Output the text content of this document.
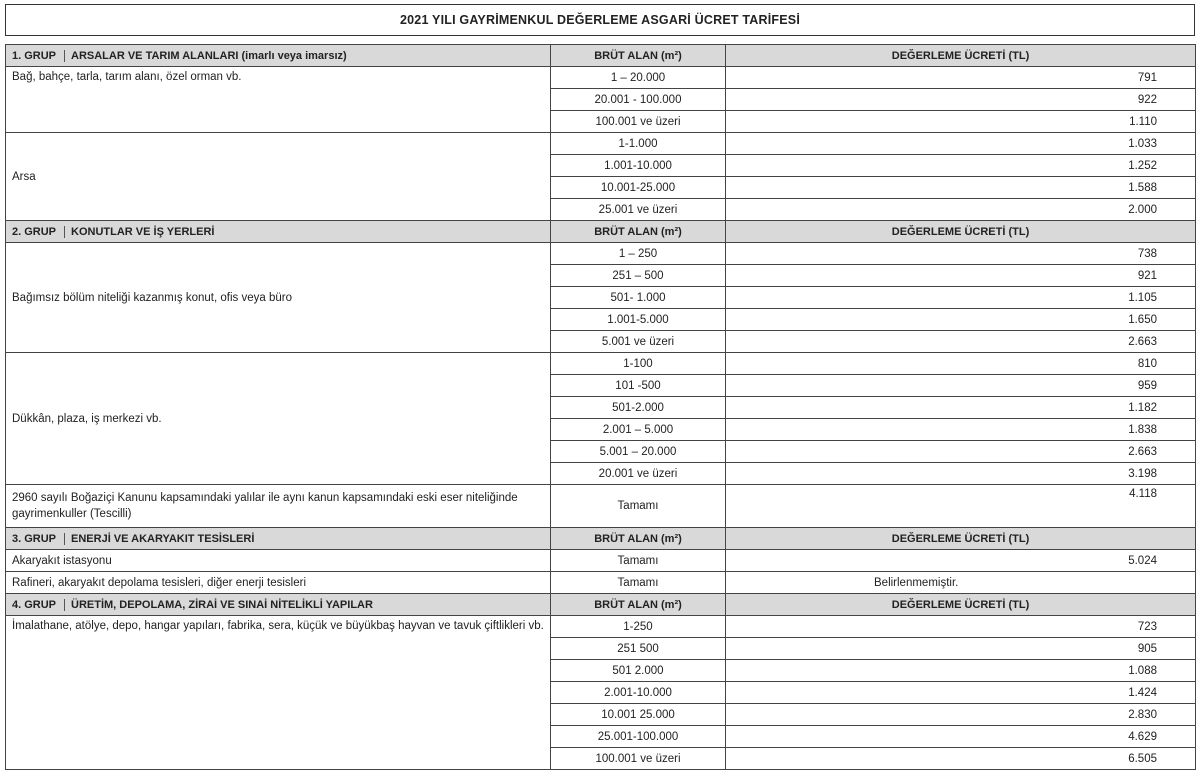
2021 YILI GAYRİMENKUL DEĞERLEME ASGARİ ÜCRET TARİFESİ
1. GRUP ARSALAR VE TARIM ALANLARI (imarlı veya imarsız)	BRÜT ALAN (m²)	DEĞERLEME ÜCRETİ (TL)
Bağ, bahçe, tarla, tarım alanı, özel orman vb.	1 – 20.000	791
	20.001 - 100.000	922
	100.001 ve üzeri	1.110
Arsa	1-1.000	1.033
	1.001-10.000	1.252
	10.001-25.000	1.588
	25.001 ve üzeri	2.000
2. GRUP KONUTLAR VE İŞ YERLERİ	BRÜT ALAN (m²)	DEĞERLEME ÜCRETİ (TL)
Bağımsız bölüm niteliği kazanmış konut, ofis veya büro	1 – 250	738
	251 – 500	921
	501- 1.000	1.105
	1.001-5.000	1.650
	5.001 ve üzeri	2.663
Dükkân, plaza, iş merkezi vb.	1-100	810
	101 -500	959
	501-2.000	1.182
	2.001 – 5.000	1.838
	5.001 – 20.000	2.663
	20.001 ve üzeri	3.198
2960 sayılı Boğaziçi Kanunu kapsamındaki yalılar ile aynı kanun kapsamındaki eski eser niteliğinde gayrimenkuller (Tescilli)	Tamamı	4.118
3. GRUP ENERJİ VE AKARYAKIT TESİSLERİ	BRÜT ALAN (m²)	DEĞERLEME ÜCRETİ (TL)
Akaryakıt istasyonu	Tamamı	5.024
Rafineri, akaryakıt depolama tesisleri, diğer enerji tesisleri	Tamamı	Belirlenmemiştir.
4. GRUP ÜRETİM, DEPOLAMA, ZİRAİ VE SINAİ NİTELİKLİ YAPILAR	BRÜT ALAN (m²)	DEĞERLEME ÜCRETİ (TL)
İmalathane, atölye, depo, hangar yapıları, fabrika, sera, küçük ve büyükbaş hayvan ve tavuk çiftlikleri vb.	1-250	723
	251 500	905
	501 2.000	1.088
	2.001-10.000	1.424
	10.001 25.000	2.830
	25.001-100.000	4.629
	100.001 ve üzeri	6.505
